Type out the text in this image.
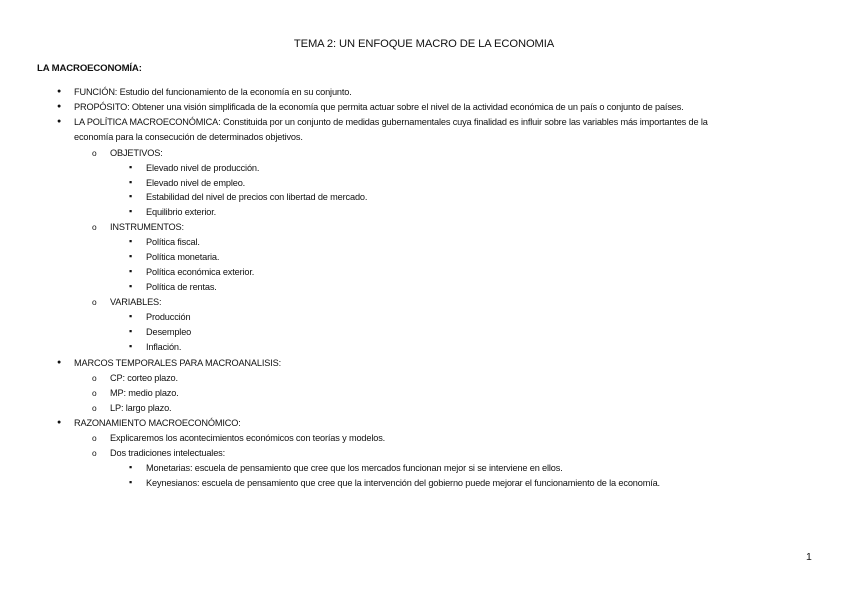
TEMA 2: UN ENFOQUE MACRO DE LA ECONOMIA
LA MACROECONOMÍA:
● FUNCIÓN: Estudio del funcionamiento de la economía en su conjunto.
● PROPÓSITO: Obtener una visión simplificada de la economía que permita actuar sobre el nivel de la actividad económica de un país o conjunto de países.
● LA POLÍTICA MACROECONÓMICA: Constituida por un conjunto de medidas gubernamentales cuya finalidad es influir sobre las variables más importantes de la
economía para la consecución de determinados objetivos.
o OBJETIVOS:
▪ Elevado nivel de producción.
▪ Elevado nivel de empleo.
▪ Estabilidad del nivel de precios con libertad de mercado.
▪ Equilibrio exterior.
o INSTRUMENTOS:
▪ Política fiscal.
▪ Política monetaria.
▪ Política económica exterior.
▪ Política de rentas.
o VARIABLES:
▪ Producción
▪ Desempleo
▪ Inflación.
● MARCOS TEMPORALES PARA MACROANALISIS:
o CP: corteo plazo.
o MP: medio plazo.
o LP: largo plazo.
● RAZONAMIENTO MACROECONÓMICO:
o Explicaremos los acontecimientos económicos con teorías y modelos.
o Dos tradiciones intelectuales:
▪ Monetarias: escuela de pensamiento que cree que los mercados funcionan mejor si se interviene en ellos.
▪ Keynesianos: escuela de pensamiento que cree que la intervención del gobierno puede mejorar el funcionamiento de la economía.
1
